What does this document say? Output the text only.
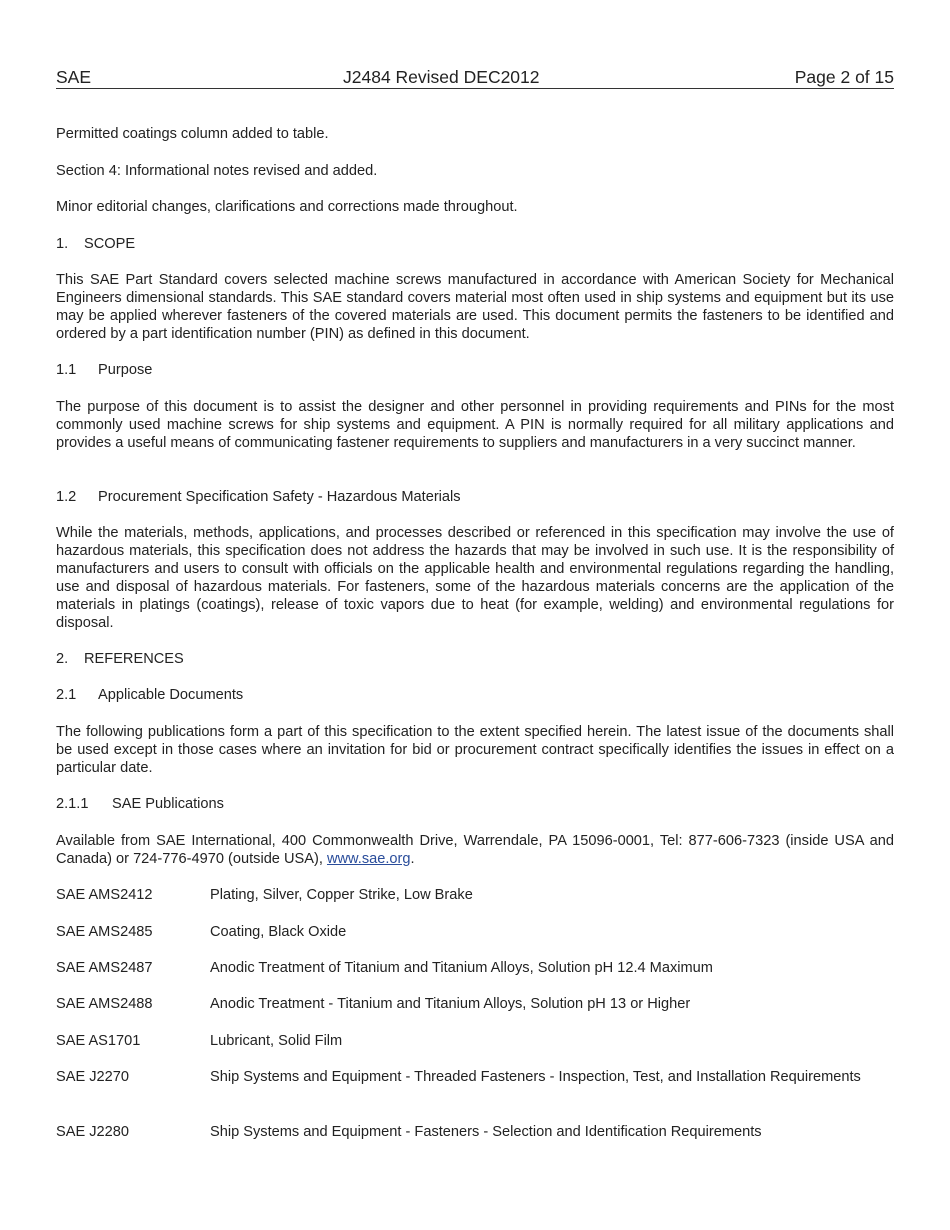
SAE	J2484 Revised DEC2012	Page 2 of 15

Permitted coatings column added to table.

Section 4: Informational notes revised and added.

Minor editorial changes, clarifications and corrections made throughout.

1. SCOPE

This SAE Part Standard covers selected machine screws manufactured in accordance with American Society for Mechanical Engineers dimensional standards. This SAE standard covers material most often used in ship systems and equipment but its use may be applied wherever fasteners of the covered materials are used. This document permits the fasteners to be identified and ordered by a part identification number (PIN) as defined in this document.

1.1 Purpose

The purpose of this document is to assist the designer and other personnel in providing requirements and PINs for the most commonly used machine screws for ship systems and equipment. A PIN is normally required for all military applications and provides a useful means of communicating fastener requirements to suppliers and manufacturers in a very succinct manner.

1.2 Procurement Specification Safety - Hazardous Materials

While the materials, methods, applications, and processes described or referenced in this specification may involve the use of hazardous materials, this specification does not address the hazards that may be involved in such use. It is the responsibility of manufacturers and users to consult with officials on the applicable health and environmental regulations regarding the handling, use and disposal of hazardous materials. For fasteners, some of the hazardous materials concerns are the application of the materials in platings (coatings), release of toxic vapors due to heat (for example, welding) and environmental regulations for disposal.

2. REFERENCES

2.1 Applicable Documents

The following publications form a part of this specification to the extent specified herein. The latest issue of the documents shall be used except in those cases where an invitation for bid or procurement contract specifically identifies the issues in effect on a particular date.

2.1.1 SAE Publications

Available from SAE International, 400 Commonwealth Drive, Warrendale, PA 15096-0001, Tel: 877-606-7323 (inside USA and Canada) or 724-776-4970 (outside USA), www.sae.org.

SAE AMS2412	Plating, Silver, Copper Strike, Low Brake
SAE AMS2485	Coating, Black Oxide
SAE AMS2487	Anodic Treatment of Titanium and Titanium Alloys, Solution pH 12.4 Maximum
SAE AMS2488	Anodic Treatment - Titanium and Titanium Alloys, Solution pH 13 or Higher
SAE AS1701	Lubricant, Solid Film
SAE J2270	Ship Systems and Equipment - Threaded Fasteners - Inspection, Test, and Installation Requirements
SAE J2280	Ship Systems and Equipment - Fasteners - Selection and Identification Requirements
